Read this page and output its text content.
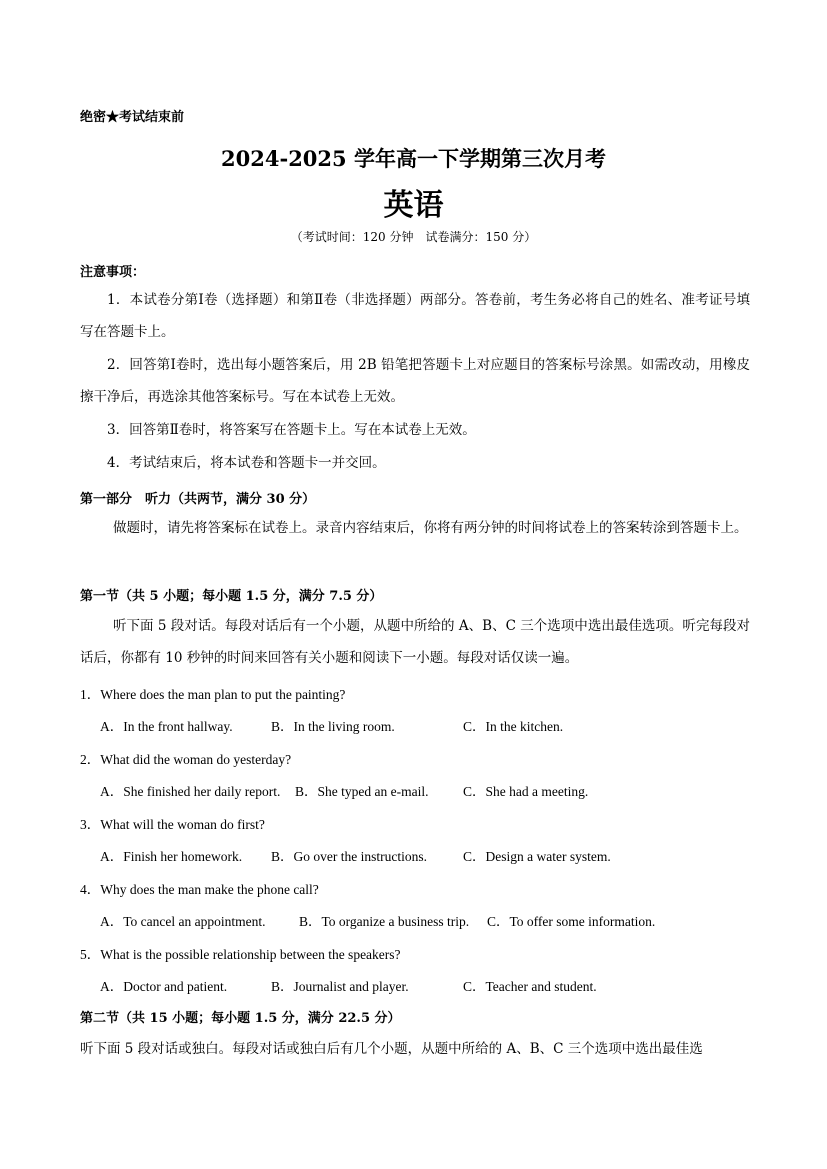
绝密★考试结束前
2024-2025 学年高一下学期第三次月考
英语
（考试时间：120 分钟　试卷满分：150 分）
注意事项：
1．本试卷分第Ⅰ卷（选择题）和第Ⅱ卷（非选择题）两部分。答卷前，考生务必将自己的姓名、准考证号填写在答题卡上。
2．回答第Ⅰ卷时，选出每小题答案后，用 2B 铅笔把答题卡上对应题目的答案标号涂黑。如需改动，用橡皮擦干净后，再选涂其他答案标号。写在本试卷上无效。
3．回答第Ⅱ卷时，将答案写在答题卡上。写在本试卷上无效。
4．考试结束后，将本试卷和答题卡一并交回。
第一部分　听力（共两节，满分 30 分）
做题时，请先将答案标在试卷上。录音内容结束后，你将有两分钟的时间将试卷上的答案转涂到答题卡上。
第一节（共 5 小题；每小题 1.5 分，满分 7.5 分）
听下面 5 段对话。每段对话后有一个小题，从题中所给的 A、B、C 三个选项中选出最佳选项。听完每段对话后，你都有 10 秒钟的时间来回答有关小题和阅读下一小题。每段对话仅读一遍。
1．Where does the man plan to put the painting?
A．In the front hallway.	B．In the living room.	C．In the kitchen.
2．What did the woman do yesterday?
A．She finished her daily report. B．She typed an e-mail.	C．She had a meeting.
3．What will the woman do first?
A．Finish her homework. B．Go over the instructions.	C．Design a water system.
4．Why does the man make the phone call?
A．To cancel an appointment. B．To organize a business trip. C．To offer some information.
5．What is the possible relationship between the speakers?
A．Doctor and patient.	B．Journalist and player.	C．Teacher and student.
第二节（共 15 小题；每小题 1.5 分，满分 22.5 分）
听下面 5 段对话或独白。每段对话或独白后有几个小题，从题中所给的 A、B、C 三个选项中选出最佳选
